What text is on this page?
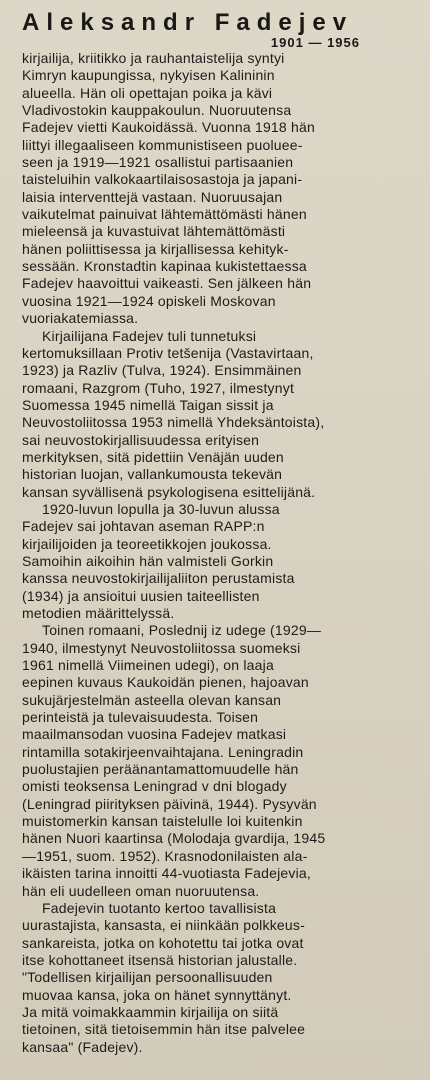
Aleksandr Fadejev
1901 — 1956

kirjailija, kriitikko ja rauhantaistelija syntyi
Kimryn kaupungissa, nykyisen Kalininin
alueella. Hän oli opettajan poika ja kävi
Vladivostokin kauppakoulun. Nuoruutensa
Fadejev vietti Kaukoidässä. Vuonna 1918 hän
liittyi illegaaliseen kommunistiseen puoluee-
seen ja 1919—1921 osallistui partisaanien
taisteluihin valkokaartilaisosastoja ja japani-
laisia interventtejä vastaan. Nuoruusajan
vaikutelmat painuivat lähtemättömästi hänen
mieleensä ja kuvastuivat lähtemättömästi
hänen poliittisessa ja kirjallisessa kehityk-
sessään. Kronstadtin kapinaa kukistettaessa
Fadejev haavoittui vaikeasti. Sen jälkeen hän
vuosina 1921—1924 opiskeli Moskovan
vuoriakatemiassa.

Kirjailijana Fadejev tuli tunnetuksi
kertomuksillaan Protiv tetšenija (Vastavirtaan,
1923) ja Razliv (Tulva, 1924). Ensimmäinen
romaani, Razgrom (Tuho, 1927, ilmestynyt
Suomessa 1945 nimellä Taigan sissit ja
Neuvostoliitossa 1953 nimellä Yhdeksäntoista),
sai neuvostokirjallisuudessa erityisen
merkityksen, sitä pidettiin Venäjän uuden
historian luojan, vallankumousta tekevän
kansan syvällisenä psykologisena esittelijänä.

1920-luvun lopulla ja 30-luvun alussa
Fadejev sai johtavan aseman RAPP:n
kirjailijoiden ja teoreetikkojen joukossa.
Samoihin aikoihin hän valmisteli Gorkin
kanssa neuvostokirjailijaliiton perustamista
(1934) ja ansioitui uusien taiteellisten
metodien määrittelyssä.

Toinen romaani, Poslednij iz udege (1929—
1940, ilmestynyt Neuvostoliitossa suomeksi
1961 nimellä Viimeinen udegi), on laaja
eepinen kuvaus Kaukoidän pienen, hajoavan
sukujärjestelmän asteella olevan kansan
perinteistä ja tulevaisuudesta. Toisen
maailmansodan vuosina Fadejev matkasi
rintamilla sotakirjeenvaihtajana. Leningradin
puolustajien peräänantamattomuudelle hän
omisti teoksensa Leningrad v dni blogady
(Leningrad piirityksen päivinä, 1944). Pysyvän
muistomerkin kansan taistelulle loi kuitenkin
hänen Nuori kaartinsa (Molodaja gvardija, 1945
—1951, suom. 1952). Krasnodonilaisten ala-
ikäisten tarina innoitti 44-vuotiasta Fadejevia,
hän eli uudelleen oman nuoruutensa.

Fadejevin tuotanto kertoo tavallisista
uurastajista, kansasta, ei niinkään polkkeus-
sankareista, jotka on kohotettu tai jotka ovat
itse kohottaneet itsensä historian jalustalle.
"Todellisen kirjailijan persoonallisuuden
muovaa kansa, joka on hänet synnyttänyt.
Ja mitä voimakkaammin kirjailija on siitä
tietoinen, sitä tietoisemmin hän itse palvelee
kansaa" (Fadejev).
